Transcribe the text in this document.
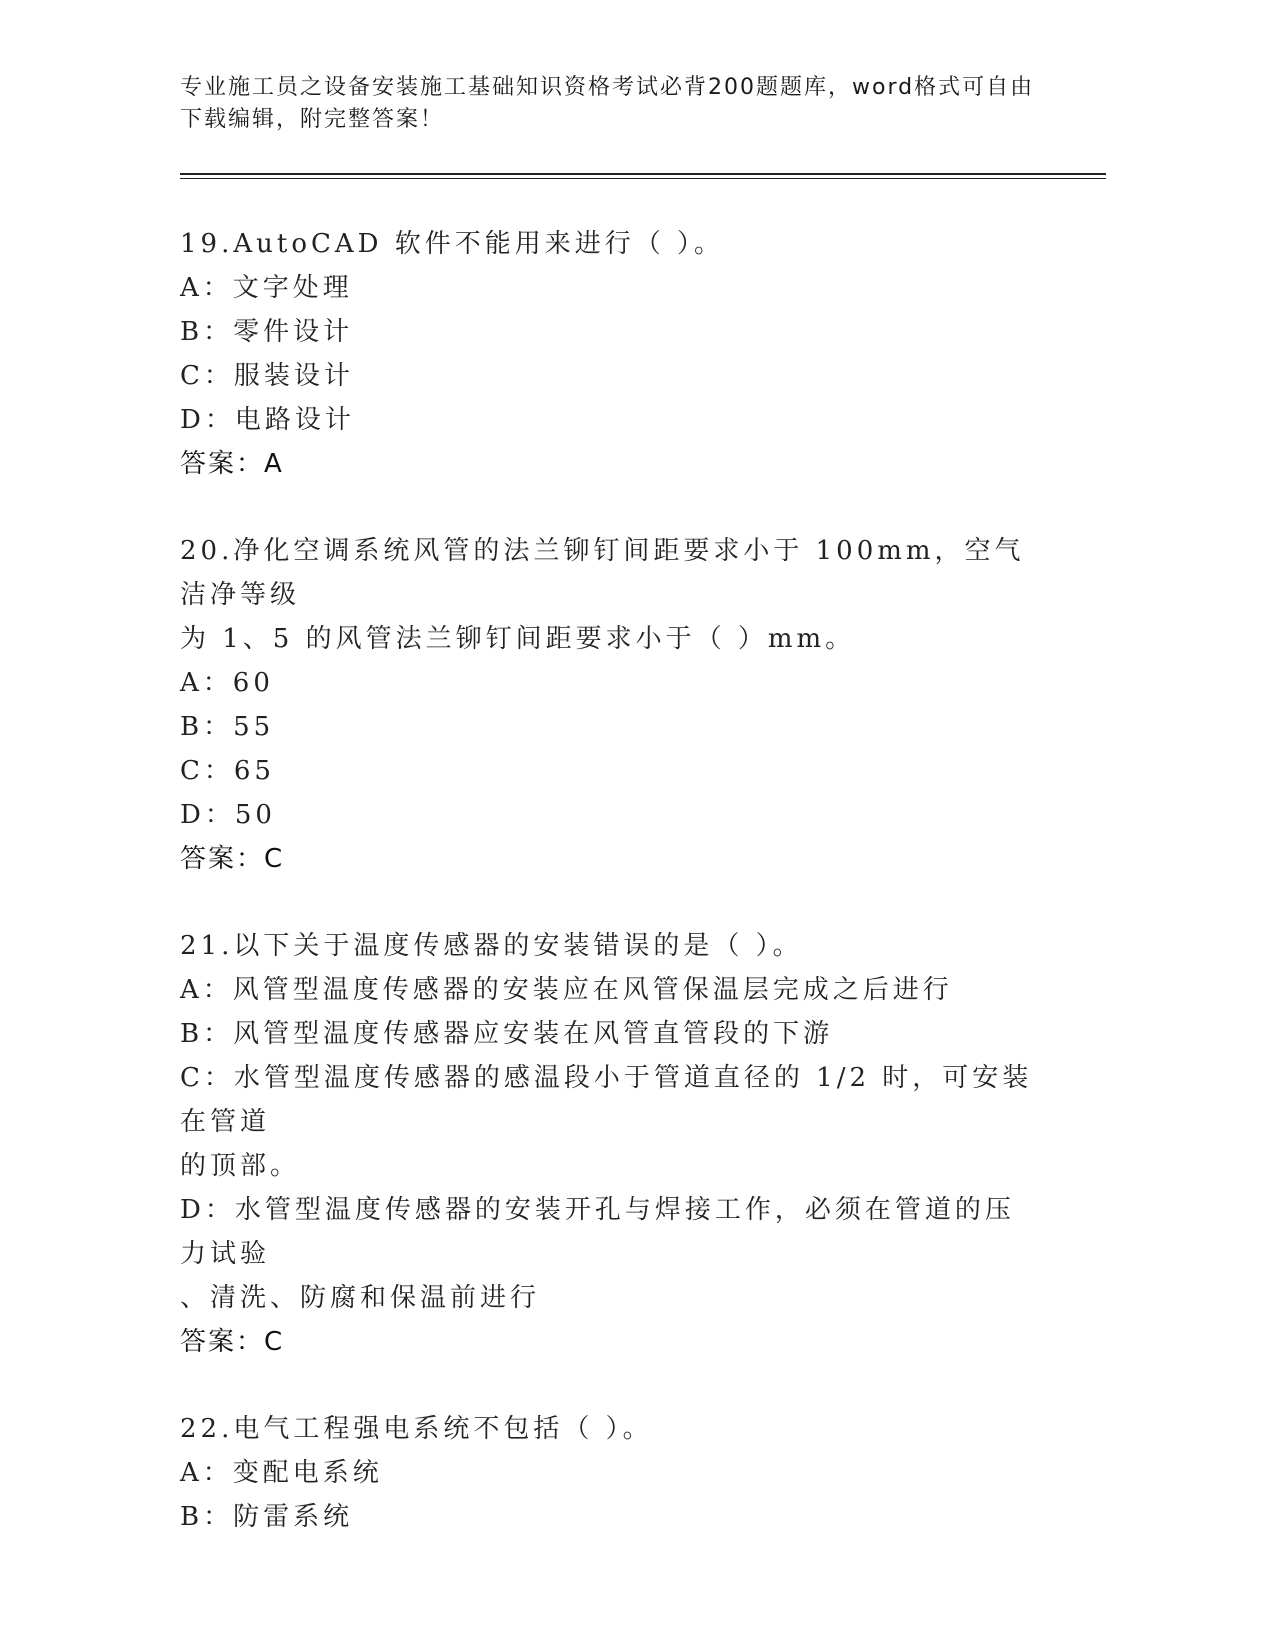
专业施工员之设备安装施工基础知识资格考试必背200题题库，word格式可自由
下载编辑，附完整答案！
19.AutoCAD 软件不能用来进行（ ）。
A：文字处理
B：零件设计
C：服装设计
D：电路设计
答案：A
20.净化空调系统风管的法兰铆钉间距要求小于 100mm，空气洁净等级
为 1、5 的风管法兰铆钉间距要求小于（ ）mm。
A：60
B：55
C：65
D：50
答案：C
21.以下关于温度传感器的安装错误的是（ ）。
A：风管型温度传感器的安装应在风管保温层完成之后进行
B：风管型温度传感器应安装在风管直管段的下游
C：水管型温度传感器的感温段小于管道直径的 1/2 时，可安装在管道
的顶部。
D：水管型温度传感器的安装开孔与焊接工作，必须在管道的压力试验
、清洗、防腐和保温前进行
答案：C
22.电气工程强电系统不包括（ ）。
A：变配电系统
B：防雷系统
